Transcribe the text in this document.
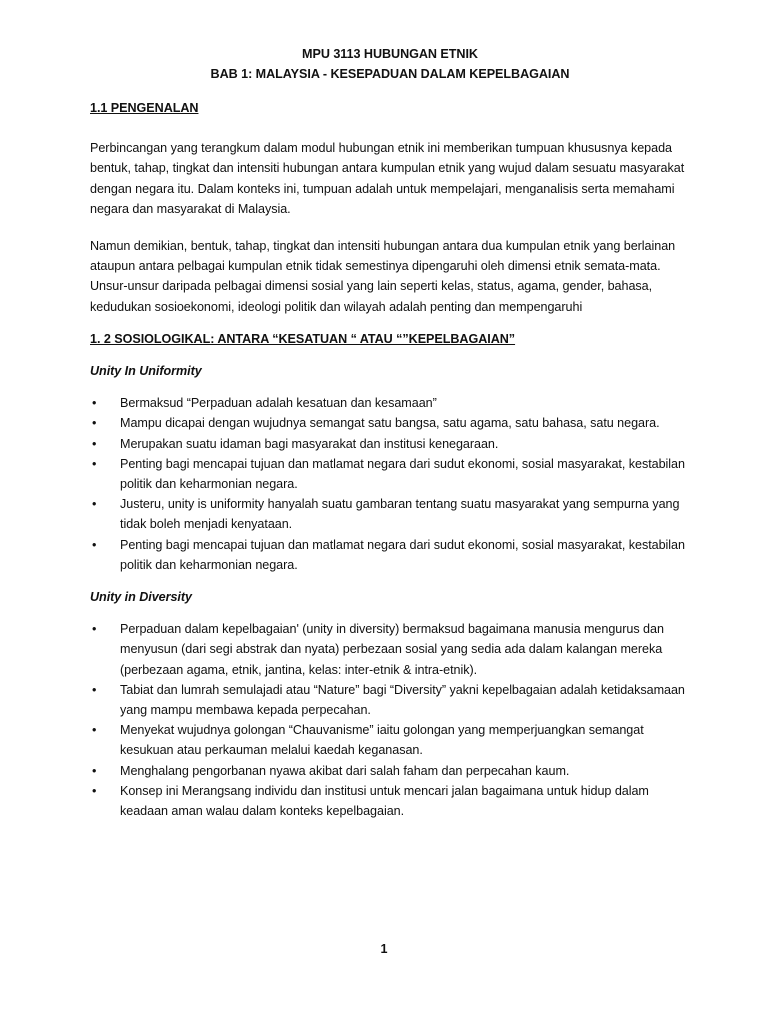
MPU 3113 HUBUNGAN ETNIK

BAB 1: MALAYSIA - KESEPADUAN DALAM KEPELBAGAIAN

1.1 PENGENALAN

Perbincangan yang terangkum dalam modul hubungan etnik ini memberikan tumpuan khususnya kepada bentuk, tahap, tingkat dan intensiti hubungan antara kumpulan etnik yang wujud dalam sesuatu masyarakat dengan negara itu. Dalam konteks ini, tumpuan adalah untuk mempelajari, menganalisis serta memahami negara dan masyarakat di Malaysia.

Namun demikian, bentuk, tahap, tingkat dan intensiti hubungan antara dua kumpulan etnik yang berlainan ataupun antara pelbagai kumpulan etnik tidak semestinya dipengaruhi oleh dimensi etnik semata-mata. Unsur-unsur daripada pelbagai dimensi sosial yang lain seperti kelas, status, agama, gender, bahasa, kedudukan sosioekonomi, ideologi politik dan wilayah adalah penting dan mempengaruhi

1. 2 SOSIOLOGIKAL: ANTARA “KESATUAN “ ATAU “”KEPELBAGAIAN”

Unity In Uniformity

•	Bermaksud “Perpaduan adalah kesatuan dan kesamaan”
•	Mampu dicapai dengan wujudnya semangat satu bangsa, satu agama, satu bahasa, satu negara.
•	Merupakan suatu idaman bagi masyarakat dan institusi kenegaraan.
•	Penting bagi mencapai tujuan dan matlamat negara dari sudut ekonomi, sosial masyarakat, kestabilan politik dan keharmonian negara.
•	Justeru, unity is uniformity hanyalah suatu gambaran tentang suatu masyarakat yang sempurna yang tidak boleh menjadi kenyataan.
•	Penting bagi mencapai tujuan dan matlamat negara dari sudut ekonomi, sosial masyarakat, kestabilan politik dan keharmonian negara.

Unity in Diversity

•	Perpaduan dalam kepelbagaian' (unity in diversity) bermaksud bagaimana manusia mengurus dan menyusun (dari segi abstrak dan nyata) perbezaan sosial yang sedia ada dalam kalangan mereka (perbezaan agama, etnik, jantina, kelas: inter-etnik & intra-etnik).
•	Tabiat dan lumrah semulajadi atau “Nature” bagi “Diversity” yakni kepelbagaian adalah ketidaksamaan yang mampu membawa kepada perpecahan.
•	Menyekat wujudnya golongan “Chauvanisme” iaitu golongan yang memperjuangkan semangat kesukuan atau perkauman melalui kaedah keganasan.
•	Menghalang pengorbanan nyawa akibat dari salah faham dan perpecahan kaum.
•	Konsep ini Merangsang individu dan institusi untuk mencari jalan bagaimana untuk hidup dalam keadaan aman walau dalam konteks kepelbagaian.
1
